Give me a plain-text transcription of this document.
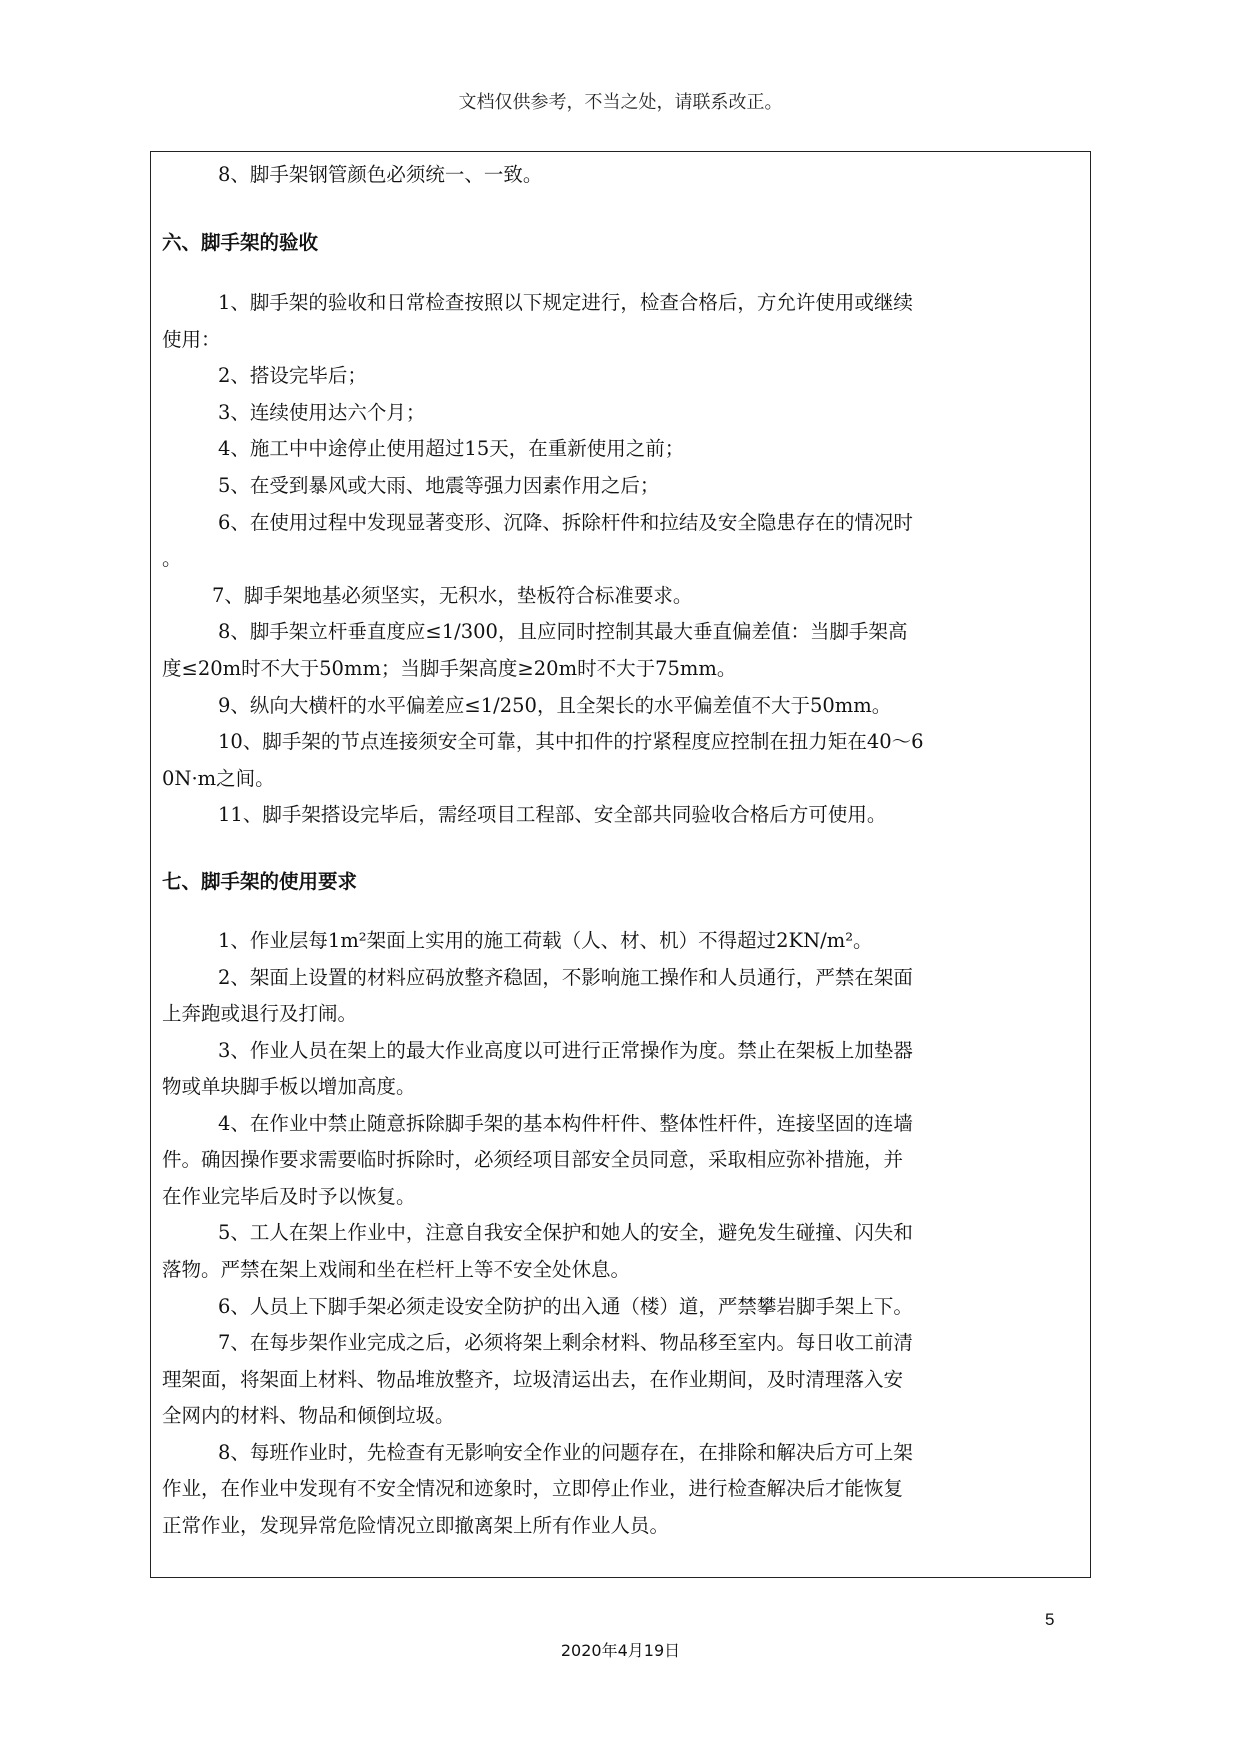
文档仅供参考，不当之处，请联系改正。
8、脚手架钢管颜色必须统一、一致。
六、脚手架的验收
1、脚手架的验收和日常检查按照以下规定进行，检查合格后，方允许使用或继续
使用：
2、搭设完毕后；
3、连续使用达六个月；
4、施工中中途停止使用超过15天，在重新使用之前；
5、在受到暴风或大雨、地震等强力因素作用之后；
6、在使用过程中发现显著变形、沉降、拆除杆件和拉结及安全隐患存在的情况时
。
7、脚手架地基必须坚实，无积水，垫板符合标准要求。
8、脚手架立杆垂直度应≤1/300，且应同时控制其最大垂直偏差值：当脚手架高
度≤20m时不大于50mm；当脚手架高度≥20m时不大于75mm。
9、纵向大横杆的水平偏差应≤1/250，且全架长的水平偏差值不大于50mm。
10、脚手架的节点连接须安全可靠，其中扣件的拧紧程度应控制在扭力矩在40～6
0N·m之间。
11、脚手架搭设完毕后，需经项目工程部、安全部共同验收合格后方可使用。
七、脚手架的使用要求
1、作业层每1m²架面上实用的施工荷载（人、材、机）不得超过2KN/m²。
2、架面上设置的材料应码放整齐稳固，不影响施工操作和人员通行，严禁在架面
上奔跑或退行及打闹。
3、作业人员在架上的最大作业高度以可进行正常操作为度。禁止在架板上加垫器
物或单块脚手板以增加高度。
4、在作业中禁止随意拆除脚手架的基本构件杆件、整体性杆件，连接坚固的连墙
件。确因操作要求需要临时拆除时，必须经项目部安全员同意，采取相应弥补措施，并
在作业完毕后及时予以恢复。
5、工人在架上作业中，注意自我安全保护和她人的安全，避免发生碰撞、闪失和
落物。严禁在架上戏闹和坐在栏杆上等不安全处休息。
6、人员上下脚手架必须走设安全防护的出入通（楼）道，严禁攀岩脚手架上下。
7、在每步架作业完成之后，必须将架上剩余材料、物品移至室内。每日收工前清
理架面，将架面上材料、物品堆放整齐，垃圾清运出去，在作业期间，及时清理落入安
全网内的材料、物品和倾倒垃圾。
8、每班作业时，先检查有无影响安全作业的问题存在，在排除和解决后方可上架
作业，在作业中发现有不安全情况和迹象时，立即停止作业，进行检查解决后才能恢复
正常作业，发现异常危险情况立即撤离架上所有作业人员。
5
2020年4月19日
